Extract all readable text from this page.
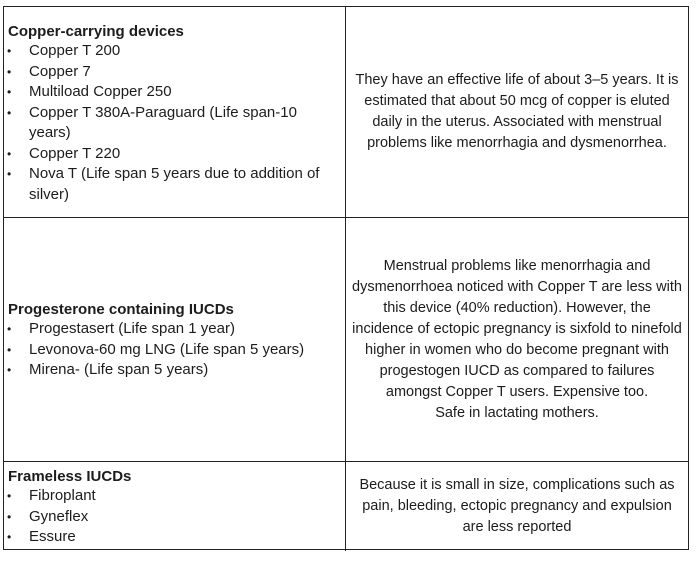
Copper-carrying devices
• Copper T 200
• Copper 7
• Multiload Copper 250
• Copper T 380A-Paraguard (Life span-10 years)
• Copper T 220
• Nova T (Life span 5 years due to addition of silver)

They have an effective life of about 3–5 years. It is estimated that about 50 mcg of copper is eluted daily in the uterus. Associated with menstrual problems like menorrhagia and dysmenorrhea.

Progesterone containing IUCDs
• Progestasert (Life span 1 year)
• Levonova-60 mg LNG (Life span 5 years)
• Mirena- (Life span 5 years)

Menstrual problems like menorrhagia and dysmenorrhoea noticed with Copper T are less with this device (40% reduction). However, the incidence of ectopic pregnancy is sixfold to ninefold higher in women who do become pregnant with progestogen IUCD as compared to failures amongst Copper T users. Expensive too.

Safe in lactating mothers.

Frameless IUCDs
• Fibroplant
• Gyneflex
• Essure

Because it is small in size, complications such as pain, bleeding, ectopic pregnancy and expulsion are less reported
